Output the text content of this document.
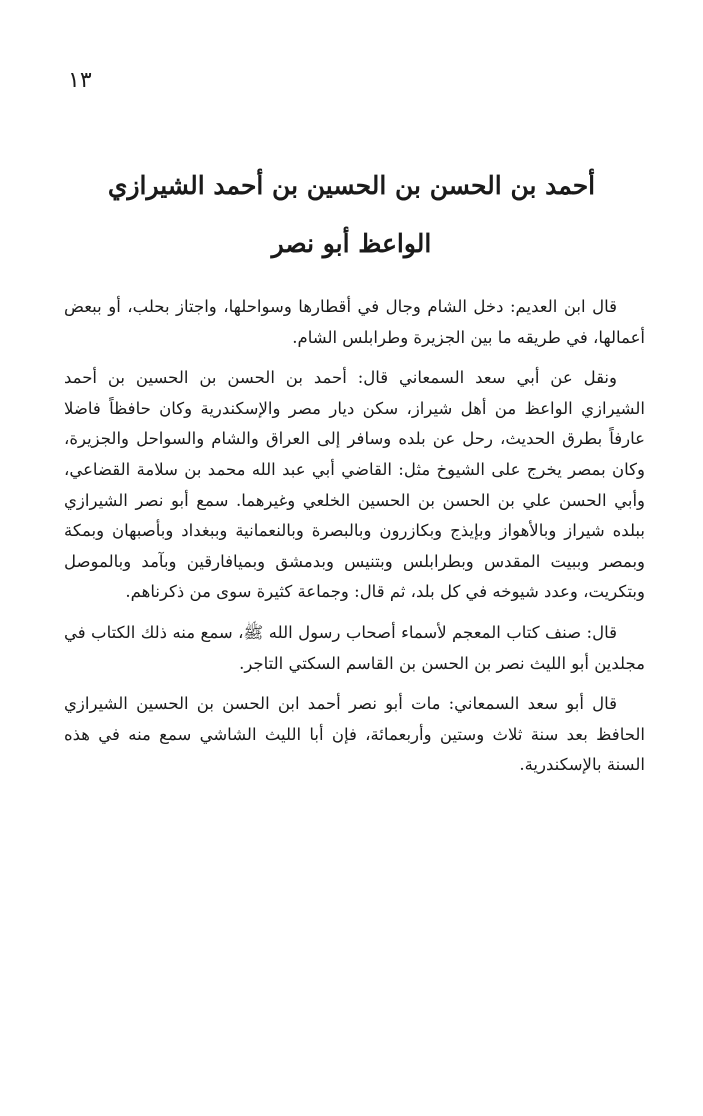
١٣
أحمد بن الحسن بن الحسين بن أحمد الشيرازي
الواعظ أبو نصر

قال ابن العديم: دخل الشام وجال في أقطارها وسواحلها، واجتاز بحلب، أو ببعض أعمالها، في طريقه ما بين الجزيرة وطرابلس الشام.

ونقل عن أبي سعد السمعاني قال: أحمد بن الحسن بن الحسين بن أحمد الشيرازي الواعظ من أهل شيراز، سكن ديار مصر والإسكندرية وكان حافظاً فاضلا عارفاً بطرق الحديث، رحل عن بلده وسافر إلى العراق والشام والسواحل والجزيرة، وكان بمصر يخرج على الشيوخ مثل: القاضي أبي عبد الله محمد بن سلامة القضاعي، وأبي الحسن علي بن الحسن بن الحسين الخلعي وغيرهما. سمع أبو نصر الشيرازي ببلده شيراز وبالأهواز وبإيذج وبكازرون وبالبصرة وبالنعمانية وببغداد وبأصبهان وبمكة وبمصر وببيت المقدس وبطرابلس وبتنيس وبدمشق وبميافارقين وبآمد وبالموصل وبتكريت، وعدد شيوخه في كل بلد، ثم قال: وجماعة كثيرة سوى من ذكرناهم.

قال: صنف كتاب المعجم لأسماء أصحاب رسول الله ﷺ، سمع منه ذلك الكتاب في مجلدين أبو الليث نصر بن الحسن بن القاسم السكتي التاجر.

قال أبو سعد السمعاني: مات أبو نصر أحمد ابن الحسن بن الحسين الشيرازي الحافظ بعد سنة ثلاث وستين وأربعمائة، فإن أبا الليث الشاشي سمع منه في هذه السنة بالإسكندرية.
